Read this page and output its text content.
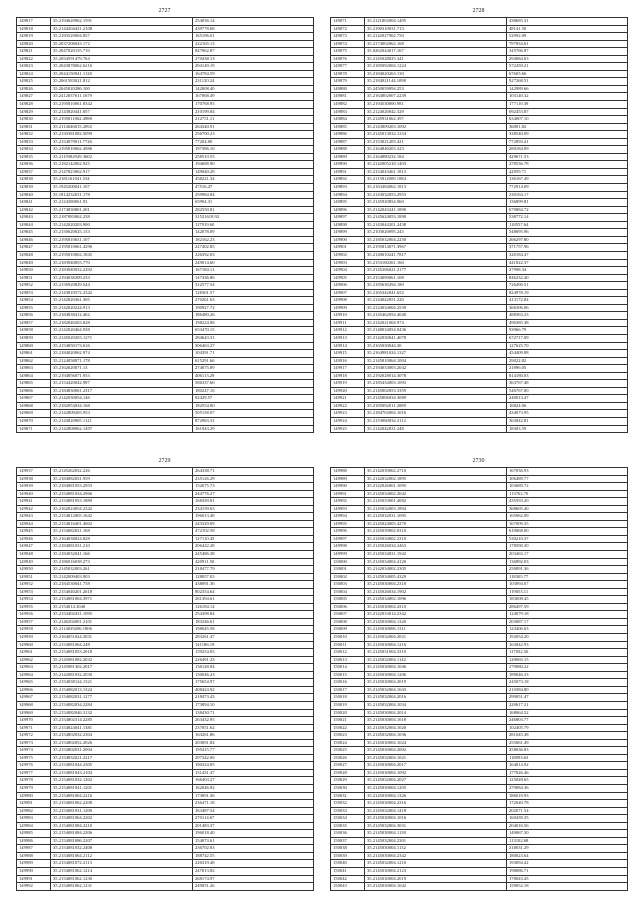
2727
149817	35.2194620962.1591	254036.14
149818	35.2144204431.2108	439778.68
149819	35.2183520004.857	165196.01
149820	35.2037208043.172	222165.13
149821	35.2047020135.710	847062.87
149822	35.2054591479.764	270438.13
149823	35.2043878062.6216	294149.19
149824	35.2044150941.1120	164784.59
149825	35.2061583021.812	231120.24
149826	35.2045020286.100	142008.40
149827	35.2412837611.1679	167068.49
149828	35.2195810061.8342	170768.95
149829	35.2143820441.857	210199.84
149830	35.2195811062.4988	212751.11
149831	35.2114046815.2092	264340.91
149832	35.2150381082.5099	256700.23
149833	35.2154079011.7726	77204.80
149834	35.2195810662.4986	197386.10
149835	35.2119382949.3602	258510.55
149836	35.2182142062.925	194688.90
149837	35.2147823062.917	149040.28
149838	35.2181161041.534	458221.34
149839	35.1945200041.107	47516.47
149840	35.1814232031.178	259984.84
149841	35.2124380061.93	65994.31
149842	35.2174830801.201	282550.81
149843	35.2187083062.238	31521618.92
149844	35.2142020203.900	117919.60
149845	35.2150620025.153	142078.09
149846	35.2195810631.107	182162.23
149847	35.2195810061.4290	227402.85
149848	35.2195810062.1845	226392.03
149849	35.2183940855.770	249014.60
149850	35.2183940032.2292	167184.11
149851	35.2194038209.233	147436.86
149852	35.2156920829.544	312577.54
149853	35.2143810572.2342	128301.57
149854	35.2142820361.305	270261.63
149855	35.2142020224.913	190927.72
149856	35.2184838412.462	186480.26
149857	35.2182840203.828	198224.06
149858	35.2142020464.938	653470.15
149859	35.2145020203.1271	284643.31
149860	35.2154850173.616	306463.27
149861	35.2184020062.974	104391.71
149862	35.2124058071.178	615291.66
149863	35.2162620071.13	274075.89
149864	35.2194856071.953	406113.29
149865	35.2154420042.987	586337.60
149866	35.2184830061.2317	180247.16
149867	35.2142030054.146	92429.57
149868	35.2182053034.168	182554.00
149869	35.2142809205.953	505158.07
149870	35.2143820905.1121	872983.31
149871	35.2142808062.1497	161943.29
2728
149871	35.2121802004.1405	438685.31
149872	35.2190310031.713	48141.50
149873	35.2142027902.750	52992.09
149874	35.2174002062.168	797834.61
149875	35.0262044017.167	345766.87
149876	35.2145028025.341	294084.63
149877	35.2185092004.1224	572459.21
149878	35.2184020263.130	67605.66
149879	35.2184021144.1098	927268.51
149880	35.2450059094.253	142989.66
149881	35.2164802007.2239	103140.32
149882	35.2194530000.981	177110.39
149883	35.2124020042.329	692453.87
149884	35.2145931062.397	634007.10
149885	35.2143809203.1092	36001.82
149886	35.2145013032.1254	338540.09
149887	35.2153021205.421	772093.41
149888	35.2164840203.323	280184.09
149889	35.2164880232.184	429671.53
149890	35.2142005218.1403	278536.78
149891	35.2154043461.1813	42059.71
149892	35.2115812009.1084	136167.49
149893	35.2163484062.1813	772914.09
149894	35.2143032053.2953	230164.17
149895	35.2145920854.960	136899.81
149896	35.2142043241.1890	679884.72
149897	35.2145624053.1890	538772.14
149898	35.2143044201.2438	118557.64
149899	35.2103020095.245	548695.96
149900	35.2185032004.2250	266297.80
149901	35.2195814071.3967	371757.96
149902	35.2140610241.7817	320184.47
149903	35.2153160261.160	441822.37
149904	35.2145206021.2177	27998.34
149905	35.2154090061.108	846232.40
149906	35.2185630294.180	726490.51
149907	35.2165342041.652	824978.19
149908	35.2144042051.220	413172.84
149909	35.2124034004.2539	366306.06
149910	35.2145462054.4040	488363.23
149911	35.2142021004.974	496385.38
149912	35.2148034054.9436	93966.79
149913	35.2142030041.4078	672717.09
149914	35.2165030044.30	127625.70
149915	35.2164981024.1327	454409.88
149916	35.2145810064.1004	29022.82
149917	35.2194033003.2042	21896.05
149918	35.2192028014.3078	814180.03
149919	35.2185434003.1093	363767.48
149920	35.2145802053.3359	546767.00
149921	35.2145806034.3089	240013.47
149922	35.2185092011.2089	16824.06
149923	35.2184702004.1016	434073.95
149924	35.2153060034.3112	363042.81
149925	35.2142042031.248	18303.59
2729
149937	35.2145262032.226	264338.71
149938	35.2184082031.959	235126.29
149939	35.2184081053.2953	152675.73
149940	35.2154081034.2966	244776.27
149941	35.2154081053.1889	168439.81
149942	35.2162024054.2342	234159.63
149943	35.2154812005.1642	196013.48
149944	35.2154816401.4602	243329.09
149945	35.2154082031.168	472102.58
149946	35.2164038024.828	127110.45
149947	35.2184081031.210	206422.28
149948	35.2184032041.166	245486.38
149949	35.2186016038.273	420911.50
149950	35.2145032003.261	218477.79
149951	35.2142009403.903	128057.03
149952	35.2184530041.758	438091.36
149953	35.2154040201.2618	802354.64
149954	35.2154081004.3971	261394.61
149955	35.2154014.3040	126184.14
149956	35.2154402431.1095	254398.84
149957	35.2146202001.2101	183246.61
149958	35.2114039206.1806	198045.58
149959	35.2164051024.2031	283261.47
149960	35.2154081064.248	141186.19
149961	35.2154081053.2018	159254.05
149962	35.2145081082.2032	226491.23
149963	35.2145081302.2017	136128.04
149964	35.2142081032.2030	130046.23
149965	35.2154038124.1321	175654.97
149966	35.2154082013.1324	408424.92
149967	35.2154082031.1277	218473.43
149968	35.2154082034.2284	173094.10
149969	35.2154082046.3132	138430.71
149970	35.2154802314.2285	263432.95
149971	35.2154824041.1381	237051.62
149972	35.2154802032.2304	163261.86
149973	35.2154802052.2026	203091.84
149974	35.2154802031.2004	195415.77
149975	35.2154832021.2217	297342.06
149976	35.2154081044.2305	190324.85
149977	35.2154081043.2104	131431.47
149978	35.2154081032.1202	166403.27
149979	35.2154081041.1201	162046.82
149980	35.2154081064.2216	173091.36
149981	35.2154081062.2208	236471.18
149982	35.2154081031.1200	163487.54
149983	35.2154081064.2202	270114.67
149984	35.2154081084.2210	201483.37
149985	35.2154081084.2206	196018.40
149986	35.2154081086.2207	154073.61
149987	35.2154081032.2408	236702.83
149988	35.2154081064.2112	188742.55
149989	35.2154081072.2113	226319.48
149990	35.2154081062.1214	247813.82
149991	35.2154081062.1230	268174.97
149992	35.2154081062.1231	249051.26
2730
149988	35.2142039062.2710	167036.93
149989	35.2142032002.1895	106489.77
149990	35.2142026001.1095	103689.72
149991	35.2145034002.2042	113762.70
149992	35.2145033001.4082	435593.20
149993	35.2145032003.1894	368605.40
149994	35.2145032031.1095	165962.09
149995	35.2145024005.4270	167009.35
149996	35.2145039002.0310	610068.00
149997	35.2145034002.2310	530210.37
149998	35.2145026034.2463	178590.30
149999	35.2145034031.1942	203463.17
150000	35.2145034004.4120	136892.03
150001	35.2142034002.2305	250091.36
150002	35.2145034005.4329	118305.77
150003	35.2145030004.2318	103094.07
150004	35.2145026034.1902	119053.11
150005	35.2145034002.1096	183008.45
150006	35.2145030004.4310	286497.59
150007	35.2142033014.2342	124079.18
150008	35.2145030004.1320	203087.17
150009	35.2145030006.1311	123406.63
150010	35.2145032004.2021	192054.20
150011	35.2145030004.1216	163042.93
150012	35.2145031004.3310	117032.56
150013	35.2145032004.1142	129065.15
150014	35.2145030004.1046	279080.22
150015	35.2145030004.1206	189046.33
150016	35.2145030004.2019	245073.18
150017	35.2145032004.1043	210384.80
150018	35.2145032004.2016	299051.47
150019	35.2145032004.1034	220617.21
150020	35.2145030004.2014	168064.52
150021	35.2145030004.1018	246803.77
150022	35.2145032004.1020	102405.79
150023	35.2145032004.1036	281045.38
150024	35.2145030004.1024	255061.49
150025	35.2145030004.2002	258036.83
150026	35.2145032004.1021	118093.63
150027	35.2145030004.2017	164014.92
150028	35.2145030004.1092	177026.46
150029	35.2145032004.2027	125048.65
150030	35.2145030004.1205	279084.36
150031	35.2145030004.1326	186019.93
150032	35.2145030004.2316	172040.78
150033	35.2145032004.1418	202071.54
150034	35.2145030004.1016	160439.35
150035	35.2145032004.3031	204016.56
150036	35.2145030004.1130	149067.30
150037	35.2145032004.2301	113102.68
150038	35.2145030004.1132	218031.29
150039	35.2145030004.2342	180023.64
150040	35.2145032004.1210	193094.42
150041	35.2145030004.2123	198086.71
150042	35.2145030004.2019	178043.45
150043	35.2145030004.1042	159052.18
